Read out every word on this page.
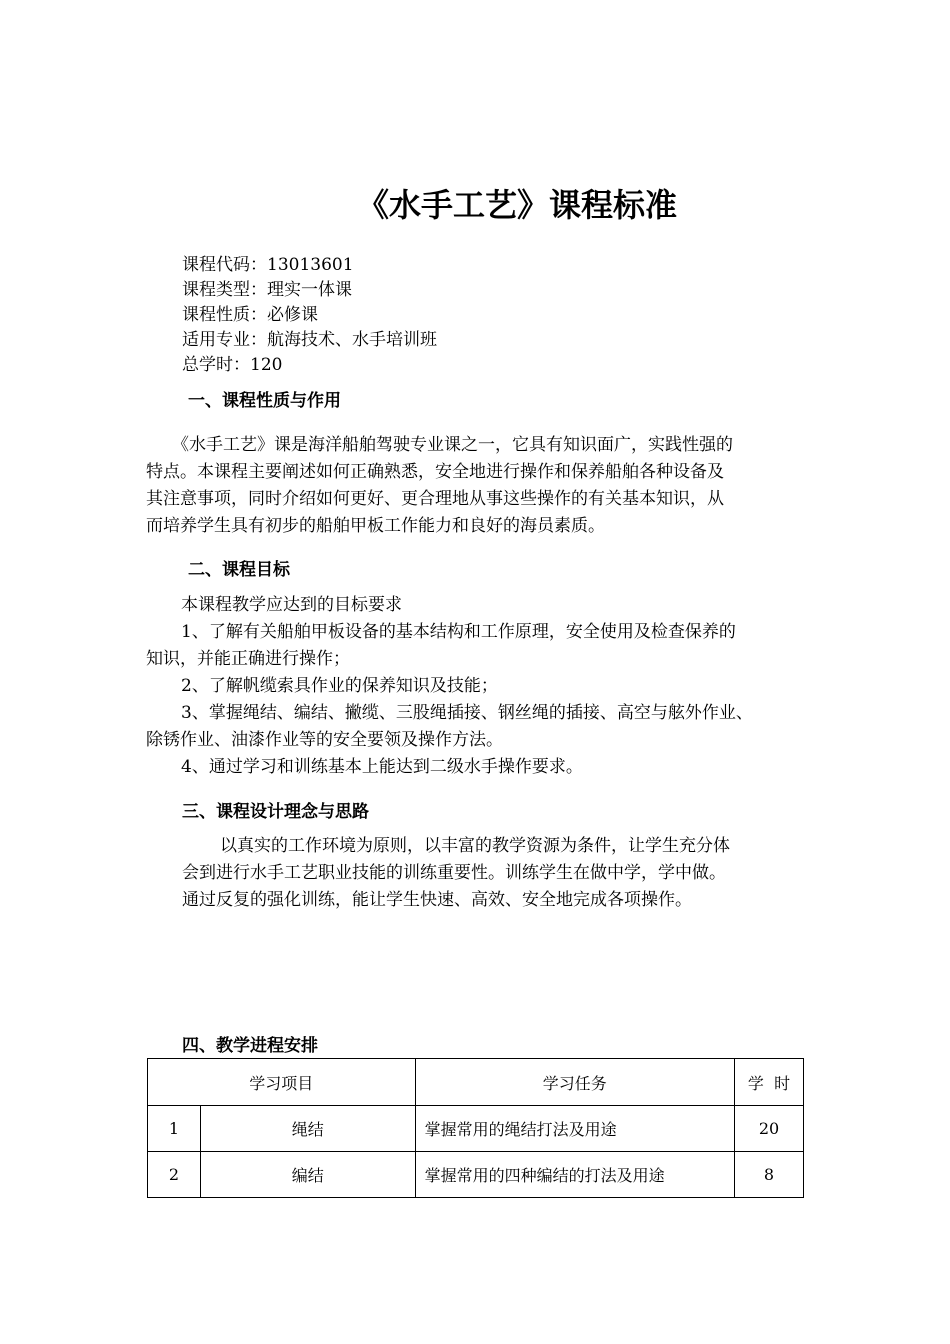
《水手工艺》课程标准
课程代码：13013601
课程类型：理实一体课
课程性质：必修课
适用专业：航海技术、水手培训班
总学时：120
一、课程性质与作用
《水手工艺》课是海洋船舶驾驶专业课之一，它具有知识面广，实践性强的
特点。本课程主要阐述如何正确熟悉，安全地进行操作和保养船舶各种设备及
其注意事项，同时介绍如何更好、更合理地从事这些操作的有关基本知识，从
而培养学生具有初步的船舶甲板工作能力和良好的海员素质。
二、课程目标
本课程教学应达到的目标要求
1、了解有关船舶甲板设备的基本结构和工作原理，安全使用及检查保养的
知识，并能正确进行操作；
2、了解帆缆索具作业的保养知识及技能；
3、掌握绳结、编结、撇缆、三股绳插接、钢丝绳的插接、高空与舷外作业、
除锈作业、油漆作业等的安全要领及操作方法。
4、通过学习和训练基本上能达到二级水手操作要求。
三、课程设计理念与思路
以真实的工作环境为原则，以丰富的教学资源为条件，让学生充分体
会到进行水手工艺职业技能的训练重要性。训练学生在做中学，学中做。
通过反复的强化训练，能让学生快速、高效、安全地完成各项操作。
四、教学进程安排
学习项目		学习任务	学  时
1	绳结	掌握常用的绳结打法及用途	20
2	编结	掌握常用的四种编结的打法及用途	8
